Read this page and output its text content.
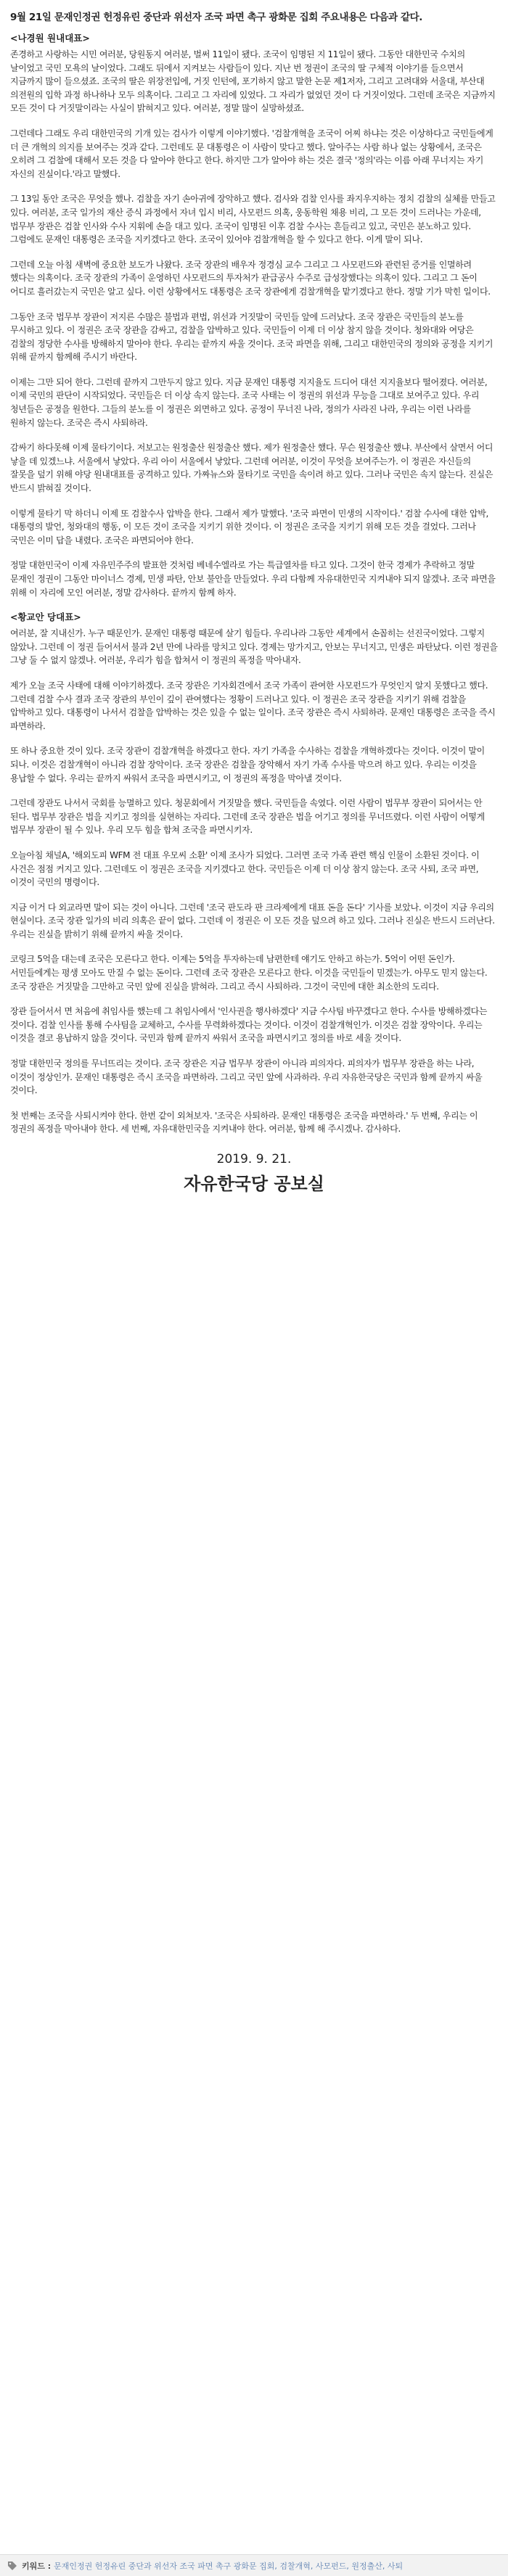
9월 21일 문재인정권 헌정유린 중단과 위선자 조국 파면 촉구 광화문 집회 주요내용은 다음과 같다.
<나경원 원내대표>

존경하고 사랑하는 시민 여러분, 당원동지 여러분, 벌써 11일이 됐다. 조국이 임명된 지 11일이 됐다. 그동안 대한민국 수치의 날이었고 국민 모욕의 날이었다. 그래도 뒤에서 지켜보는 사람들이 있다. 지난 번 정권이 조국의 딸 구체적 이야기를 들으면서 지금까지 많이 들으셨죠. 조국의 딸은 위장전입에, 거짓 인턴에, 포기하지 않고 말한 논문 제1저자, 그리고 고려대와 서울대, 부산대 의전원의 입학 과정 하나하나 모두 의혹이다. 그리고 그 자리에 있었다. 그 자리가 없었던 것이 다 거짓이었다. 그런데 조국은 지금까지 모든 것이 다 거짓말이라는 사실이 밝혀지고 있다. 여러분, 정말 많이 실망하셨죠.

그런데다 그래도 우리 대한민국의 기개 있는 검사가 이렇게 이야기했다. '검찰개혁을 조국이 어찌 하냐는 것은 이상하다고 국민들에게 더 큰 개혁의 의지를 보여주는 것과 같다. 그런데도 문 대통령은 이 사람이 맞다고 했다. 알아주는 사람 하나 없는 상황에서, 조국은 오히려 그 검찰에 대해서 모든 것을 다 알아야 한다고 한다. 하지만 그가 알아야 하는 것은 결국 '정의'라는 이름 아래 무너지는 자기 자신의 진실이다.'라고 말했다.

그 13일 동안 조국은 무엇을 했나. 검찰을 자기 손아귀에 장악하고 했다. 검사와 검찰 인사를 좌지우지하는 정치 검찰의 실체를 만들고 있다. 여러분, 조국 일가의 재산 증식 과정에서 자녀 입시 비리, 사모펀드 의혹, 웅동학원 채용 비리, 그 모든 것이 드러나는 가운데, 법무부 장관은 검찰 인사와 수사 지휘에 손을 대고 있다. 조국이 임명된 이후 검찰 수사는 흔들리고 있고, 국민은 분노하고 있다. 그럼에도 문재인 대통령은 조국을 지키겠다고 한다. 조국이 있어야 검찰개혁을 할 수 있다고 한다. 이게 말이 되나.

그런데 오늘 아침 새벽에 중요한 보도가 나왔다. 조국 장관의 배우자 정경심 교수 그리고 그 사모펀드와 관련된 증거를 인멸하려 했다는 의혹이다. 조국 장관의 가족이 운영하던 사모펀드의 투자처가 관급공사 수주로 급성장했다는 의혹이 있다. 그리고 그 돈이 어디로 흘러갔는지 국민은 알고 싶다. 이런 상황에서도 대통령은 조국 장관에게 검찰개혁을 맡기겠다고 한다. 정말 기가 막힌 일이다.

그동안 조국 법무부 장관이 저지른 수많은 불법과 편법, 위선과 거짓말이 국민들 앞에 드러났다. 조국 장관은 국민들의 분노를 무시하고 있다. 이 정권은 조국 장관을 감싸고, 검찰을 압박하고 있다. 국민들이 이제 더 이상 참지 않을 것이다. 청와대와 여당은 검찰의 정당한 수사를 방해하지 말아야 한다. 우리는 끝까지 싸울 것이다. 조국 파면을 위해, 그리고 대한민국의 정의와 공정을 지키기 위해 끝까지 함께해 주시기 바란다.

이제는 그만 되어 한다. 그런데 끝까지 그만두지 않고 있다. 지금 문재인 대통령 지지율도 드디어 대선 지지율보다 떨어졌다. 여러분, 이제 국민의 판단이 시작되었다. 국민들은 더 이상 속지 않는다. 조국 사태는 이 정권의 위선과 무능을 그대로 보여주고 있다. 우리 청년들은 공정을 원한다. 그들의 분노를 이 정권은 외면하고 있다. 공정이 무너진 나라, 정의가 사라진 나라, 우리는 이런 나라를 원하지 않는다. 조국은 즉시 사퇴하라.

감싸기 하다못해 이제 물타기이다. 저보고는 원정출산 원정출산 했다. 제가 원정출산 했다. 무슨 원정출산 했냐. 부산에서 살면서 어디 낳을 데 있겠느냐. 서울에서 낳았다. 우리 아이 서울에서 낳았다. 그런데 여러분, 이것이 무엇을 보여주는가. 이 정권은 자신들의 잘못을 덮기 위해 야당 원내대표를 공격하고 있다. 가짜뉴스와 물타기로 국민을 속이려 하고 있다. 그러나 국민은 속지 않는다. 진실은 반드시 밝혀질 것이다.

이렇게 물타기 막 하더니 이제 또 검찰수사 압박을 한다. 그래서 제가 말했다. '조국 파면이 민생의 시작이다.' 검찰 수사에 대한 압박, 대통령의 발언, 청와대의 행동, 이 모든 것이 조국을 지키기 위한 것이다. 이 정권은 조국을 지키기 위해 모든 것을 걸었다. 그러나 국민은 이미 답을 내렸다. 조국은 파면되어야 한다.

정말 대한민국이 이제 자유민주주의 발표한 것처럼 베네수엘라로 가는 특급열차를 타고 있다. 그것이 한국 경제가 추락하고 정말 문재인 정권이 그동안 마이너스 경제, 민생 파탄, 안보 불안을 만들었다. 우리 다함께 자유대한민국 지켜내야 되지 않겠나. 조국 파면을 위해 이 자리에 모인 여러분, 정말 감사하다. 끝까지 함께 하자.

<황교안 당대표>

여러분, 잘 지내신가. 누구 때문인가. 문재인 대통령 때문에 살기 힘들다. 우리나라 그동안 세계에서 손꼽히는 선진국이었다. 그렇지 않았나. 그런데 이 정권 들어서서 불과 2년 만에 나라를 망치고 있다. 경제는 망가지고, 안보는 무너지고, 민생은 파탄났다. 이런 정권을 그냥 둘 수 없지 않겠나. 여러분, 우리가 힘을 합쳐서 이 정권의 폭정을 막아내자.

제가 오늘 조국 사태에 대해 이야기하겠다. 조국 장관은 기자회견에서 조국 가족이 관여한 사모펀드가 무엇인지 알지 못했다고 했다. 그런데 검찰 수사 결과 조국 장관의 부인이 깊이 관여했다는 정황이 드러나고 있다. 이 정권은 조국 장관을 지키기 위해 검찰을 압박하고 있다. 대통령이 나서서 검찰을 압박하는 것은 있을 수 없는 일이다. 조국 장관은 즉시 사퇴하라. 문재인 대통령은 조국을 즉시 파면하라.

또 하나 중요한 것이 있다. 조국 장관이 검찰개혁을 하겠다고 한다. 자기 가족을 수사하는 검찰을 개혁하겠다는 것이다. 이것이 말이 되나. 이것은 검찰개혁이 아니라 검찰 장악이다. 조국 장관은 검찰을 장악해서 자기 가족 수사를 막으려 하고 있다. 우리는 이것을 용납할 수 없다. 우리는 끝까지 싸워서 조국을 파면시키고, 이 정권의 폭정을 막아낼 것이다.

그런데 장관도 나서서 국회를 능멸하고 있다. 청문회에서 거짓말을 했다. 국민들을 속였다. 이런 사람이 법무부 장관이 되어서는 안 된다. 법무부 장관은 법을 지키고 정의를 실현하는 자리다. 그런데 조국 장관은 법을 어기고 정의를 무너뜨렸다. 이런 사람이 어떻게 법무부 장관이 될 수 있나. 우리 모두 힘을 합쳐 조국을 파면시키자.

오늘아침 채널A, '해외도피 WFM 전 대표 우모씨 소환' 이제 조사가 되었다. 그러면 조국 가족 관련 핵심 인물이 소환된 것이다. 이 사건은 점점 커지고 있다. 그런데도 이 정권은 조국을 지키겠다고 한다. 국민들은 이제 더 이상 참지 않는다. 조국 사퇴, 조국 파면, 이것이 국민의 명령이다.

지금 이거 다 외교라면 말이 되는 것이 아니다. 그런데 '조국 판도라 판 크라제에게 대표 돈을 돈다' 기사를 보았나. 이것이 지금 우리의 현실이다. 조국 장관 일가의 비리 의혹은 끝이 없다. 그런데 이 정권은 이 모든 것을 덮으려 하고 있다. 그러나 진실은 반드시 드러난다. 우리는 진실을 밝히기 위해 끝까지 싸울 것이다.

코링크 5억을 대는데 조국은 모른다고 한다. 이제는 5억을 투자하는데 남편한테 얘기도 안하고 하는가. 5억이 어떤 돈인가. 서민들에게는 평생 모아도 만질 수 없는 돈이다. 그런데 조국 장관은 모른다고 한다. 이것을 국민들이 믿겠는가. 아무도 믿지 않는다. 조국 장관은 거짓말을 그만하고 국민 앞에 진실을 밝혀라. 그리고 즉시 사퇴하라. 그것이 국민에 대한 최소한의 도리다.

장관 들어서서 면 처음에 취임사를 했는데 그 취임사에서 '인사권을 행사하겠다' 지금 수사팀 바꾸겠다고 한다. 수사를 방해하겠다는 것이다. 검찰 인사를 통해 수사팀을 교체하고, 수사를 무력화하겠다는 것이다. 이것이 검찰개혁인가. 이것은 검찰 장악이다. 우리는 이것을 결코 용납하지 않을 것이다. 국민과 함께 끝까지 싸워서 조국을 파면시키고 정의를 바로 세울 것이다.

정말 대한민국 정의를 무너뜨리는 것이다. 조국 장관은 지금 법무부 장관이 아니라 피의자다. 피의자가 법무부 장관을 하는 나라, 이것이 정상인가. 문재인 대통령은 즉시 조국을 파면하라. 그리고 국민 앞에 사과하라. 우리 자유한국당은 국민과 함께 끝까지 싸울 것이다.

첫 번째는 조국을 사퇴시켜야 한다. 한번 같이 외쳐보자. '조국은 사퇴하라. 문재인 대통령은 조국을 파면하라.' 두 번째, 우리는 이 정권의 폭정을 막아내야 한다. 세 번째, 자유대한민국을 지켜내야 한다. 여러분, 함께 해 주시겠나. 감사하다.

2019. 9. 21.
자유한국당 공보실
키워드 : 문재인정권 헌정유린 중단과 위선자 조국 파면 촉구 광화문 집회, 검찰개혁, 사모펀드, 원정출산, 사퇴
